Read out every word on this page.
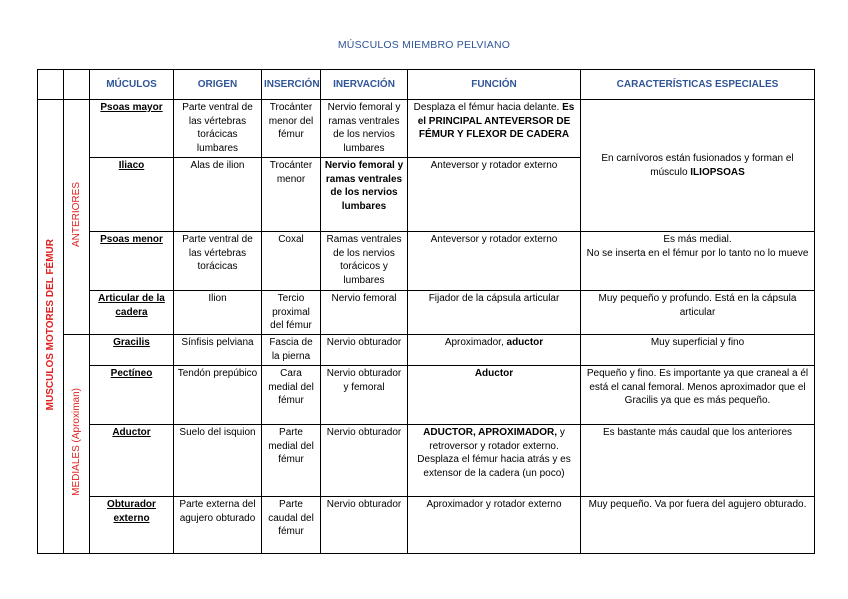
MÚSCULOS MIEMBRO PELVIANO
		MÚCULOS	ORIGEN	INSERCIÓN	INERVACIÓN	FUNCIÓN	CARACTERÍSTICAS ESPECIALES
MUSCULOS MOTORES DEL FÉMUR	ANTERIORES	Psoas mayor	Parte ventral de las vértebras torácicas lumbares	Trocánter menor del fémur	Nervio femoral y ramas ventrales de los nervios lumbares	Desplaza el fémur hacia delante. Es el PRINCIPAL ANTEVERSOR DE FÉMUR Y FLEXOR DE CADERA	En carnívoros están fusionados y forman el músculo ILIOPSOAS
		Iliaco	Alas de ilion	Trocánter menor	Nervio femoral y ramas ventrales de los nervios lumbares	Anteversor y rotador externo	
		Psoas menor	Parte ventral de las vértebras torácicas	Coxal	Ramas ventrales de los nervios torácicos y lumbares	Anteversor y rotador externo	Es más medial.
No se inserta en el fémur por lo tanto no lo mueve

		Articular de la cadera	Ilion	Tercio proximal del fémur	Nervio femoral	Fijador de la cápsula articular	Muy pequeño y profundo. Está en la cápsula articular
	MEDIALES (Aproximan)	Gracilis	Sínfisis pelviana	Fascia de la pierna	Nervio obturador	Aproximador, aductor	Muy superficial y fino
		Pectíneo	Tendón prepúbico	Cara medial del fémur	Nervio obturador y femoral	Aductor	Pequeño y fino. Es importante ya que craneal a él está el canal femoral. Menos aproximador que el Gracilis ya que es más pequeño.
		Aductor	Suelo del isquion	Parte medial del fémur	Nervio obturador	ADUCTOR, APROXIMADOR, y retroversor y rotador externo. Desplaza el fémur hacia atrás y es extensor de la cadera (un poco)	Es bastante más caudal que los anteriores
		Obturador externo	Parte externa del agujero obturado	Parte caudal del fémur	Nervio obturador	Aproximador y rotador externo	Muy pequeño. Va por fuera del agujero obturado.
